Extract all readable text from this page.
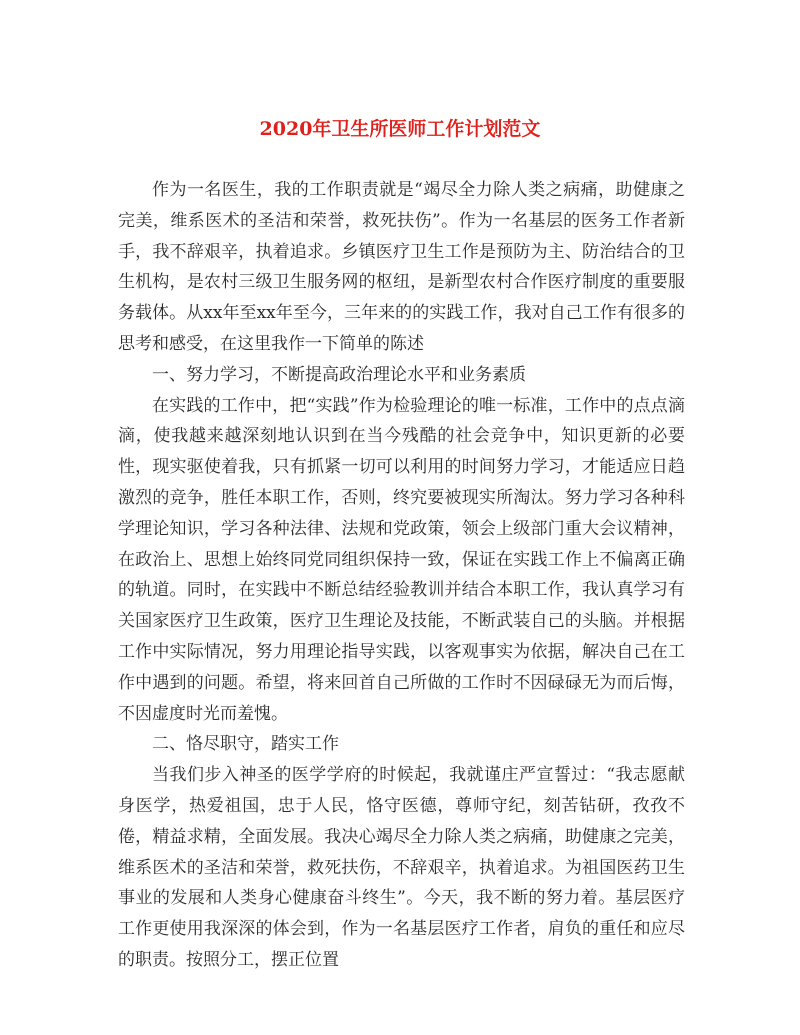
2020年卫生所医师工作计划范文

作为一名医生，我的工作职责就是“竭尽全力除人类之病痛，助健康之完美，维系医术的圣洁和荣誉，救死扶伤”。作为一名基层的医务工作者新手，我不辞艰辛，执着追求。乡镇医疗卫生工作是预防为主、防治结合的卫生机构，是农村三级卫生服务网的枢纽，是新型农村合作医疗制度的重要服务载体。从xx年至xx年至今，三年来的的实践工作，我对自己工作有很多的思考和感受，在这里我作一下简单的陈述

一、努力学习，不断提高政治理论水平和业务素质

在实践的工作中，把“实践”作为检验理论的唯一标准，工作中的点点滴滴，使我越来越深刻地认识到在当今残酷的社会竞争中，知识更新的必要性，现实驱使着我，只有抓紧一切可以利用的时间努力学习，才能适应日趋激烈的竞争，胜任本职工作，否则，终究要被现实所淘汰。努力学习各种科学理论知识，学习各种法律、法规和党政策，领会上级部门重大会议精神，在政治上、思想上始终同党同组织保持一致，保证在实践工作上不偏离正确的轨道。同时，在实践中不断总结经验教训并结合本职工作，我认真学习有关国家医疗卫生政策，医疗卫生理论及技能，不断武装自己的头脑。并根据工作中实际情况，努力用理论指导实践，以客观事实为依据，解决自己在工作中遇到的问题。希望，将来回首自己所做的工作时不因碌碌无为而后悔，不因虚度时光而羞愧。

二、恪尽职守，踏实工作

当我们步入神圣的医学学府的时候起，我就谨庄严宣誓过：“我志愿献身医学，热爱祖国，忠于人民，恪守医德，尊师守纪，刻苦钻研，孜孜不倦，精益求精，全面发展。我决心竭尽全力除人类之病痛，助健康之完美，维系医术的圣洁和荣誉，救死扶伤，不辞艰辛，执着追求。为祖国医药卫生事业的发展和人类身心健康奋斗终生”。今天，我不断的努力着。基层医疗工作更使用我深深的体会到，作为一名基层医疗工作者，肩负的重任和应尽的职责。按照分工，摆正位置
